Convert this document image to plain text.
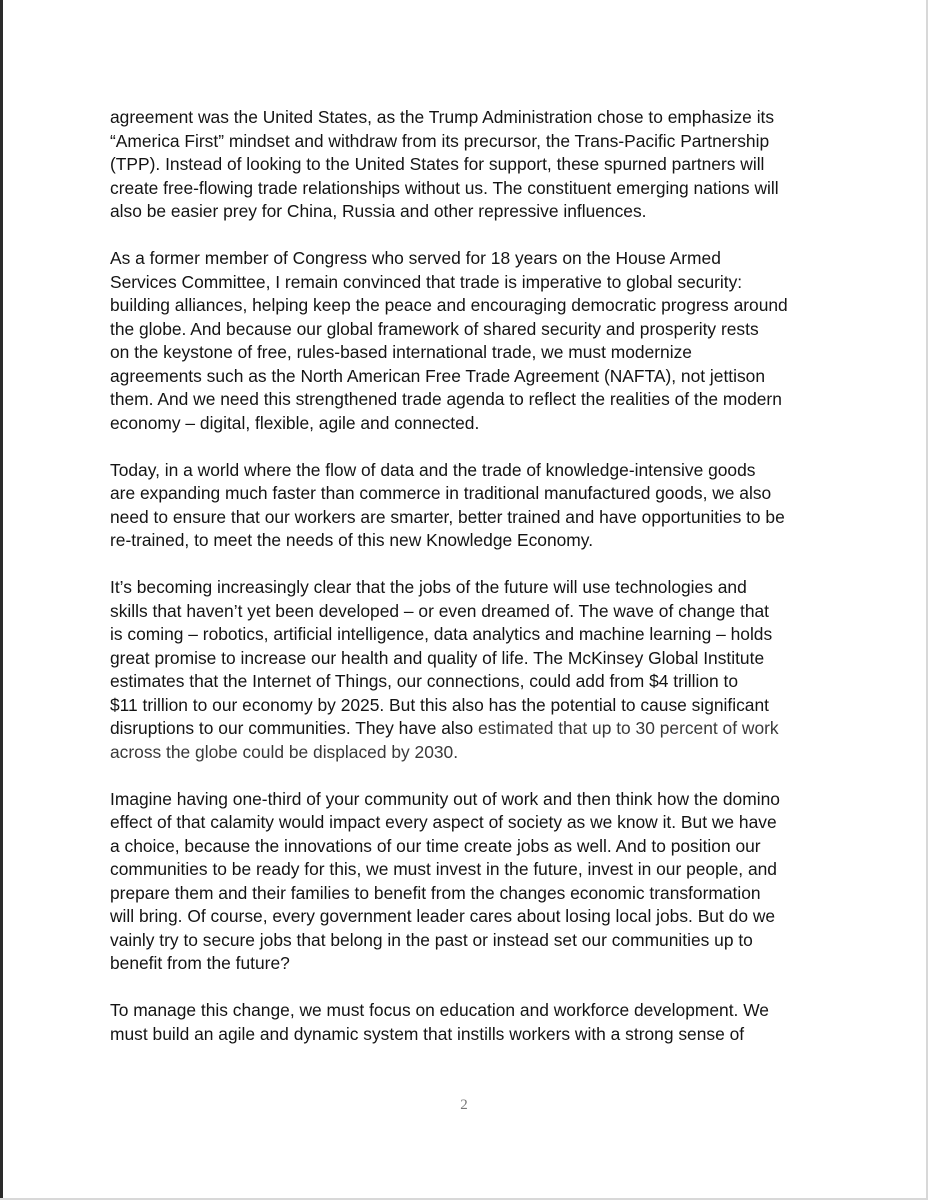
agreement was the United States, as the Trump Administration chose to emphasize its
“America First” mindset and withdraw from its precursor, the Trans-Pacific Partnership
(TPP). Instead of looking to the United States for support, these spurned partners will
create free-flowing trade relationships without us. The constituent emerging nations will
also be easier prey for China, Russia and other repressive influences.

As a former member of Congress who served for 18 years on the House Armed
Services Committee, I remain convinced that trade is imperative to global security:
building alliances, helping keep the peace and encouraging democratic progress around
the globe. And because our global framework of shared security and prosperity rests
on the keystone of free, rules-based international trade, we must modernize
agreements such as the North American Free Trade Agreement (NAFTA), not jettison
them. And we need this strengthened trade agenda to reflect the realities of the modern
economy – digital, flexible, agile and connected.

Today, in a world where the flow of data and the trade of knowledge-intensive goods
are expanding much faster than commerce in traditional manufactured goods, we also
need to ensure that our workers are smarter, better trained and have opportunities to be
re-trained, to meet the needs of this new Knowledge Economy.

It’s becoming increasingly clear that the jobs of the future will use technologies and
skills that haven’t yet been developed – or even dreamed of. The wave of change that
is coming – robotics, artificial intelligence, data analytics and machine learning – holds
great promise to increase our health and quality of life. The McKinsey Global Institute
estimates that the Internet of Things, our connections, could add from $4 trillion to
$11 trillion to our economy by 2025. But this also has the potential to cause significant
disruptions to our communities. They have also estimated that up to 30 percent of work
across the globe could be displaced by 2030.

Imagine having one-third of your community out of work and then think how the domino
effect of that calamity would impact every aspect of society as we know it. But we have
a choice, because the innovations of our time create jobs as well. And to position our
communities to be ready for this, we must invest in the future, invest in our people, and
prepare them and their families to benefit from the changes economic transformation
will bring. Of course, every government leader cares about losing local jobs. But do we
vainly try to secure jobs that belong in the past or instead set our communities up to
benefit from the future?

To manage this change, we must focus on education and workforce development. We
must build an agile and dynamic system that instills workers with a strong sense of

2
